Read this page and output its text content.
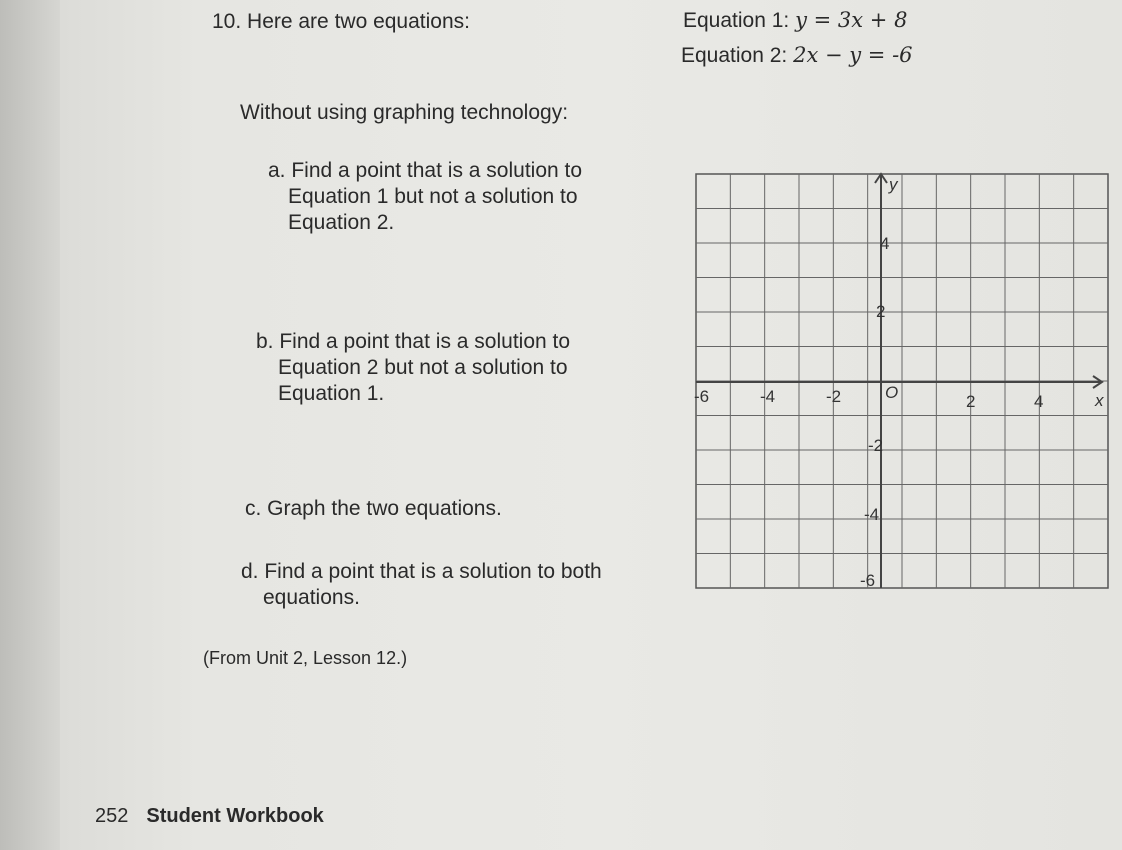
10. Here are two equations:	Equation 1: y = 3x + 8
Equation 2: 2x − y = -6
Without using graphing technology:
a. Find a point that is a solution to
Equation 1 but not a solution to
Equation 2.
b. Find a point that is a solution to
Equation 2 but not a solution to
Equation 1.
c. Graph the two equations.
d. Find a point that is a solution to both
equations.
(From Unit 2, Lesson 12.)
252 Student Workbook
x
y
O
-6	-4	-2	2	4
4
2
-2
-4
-6
